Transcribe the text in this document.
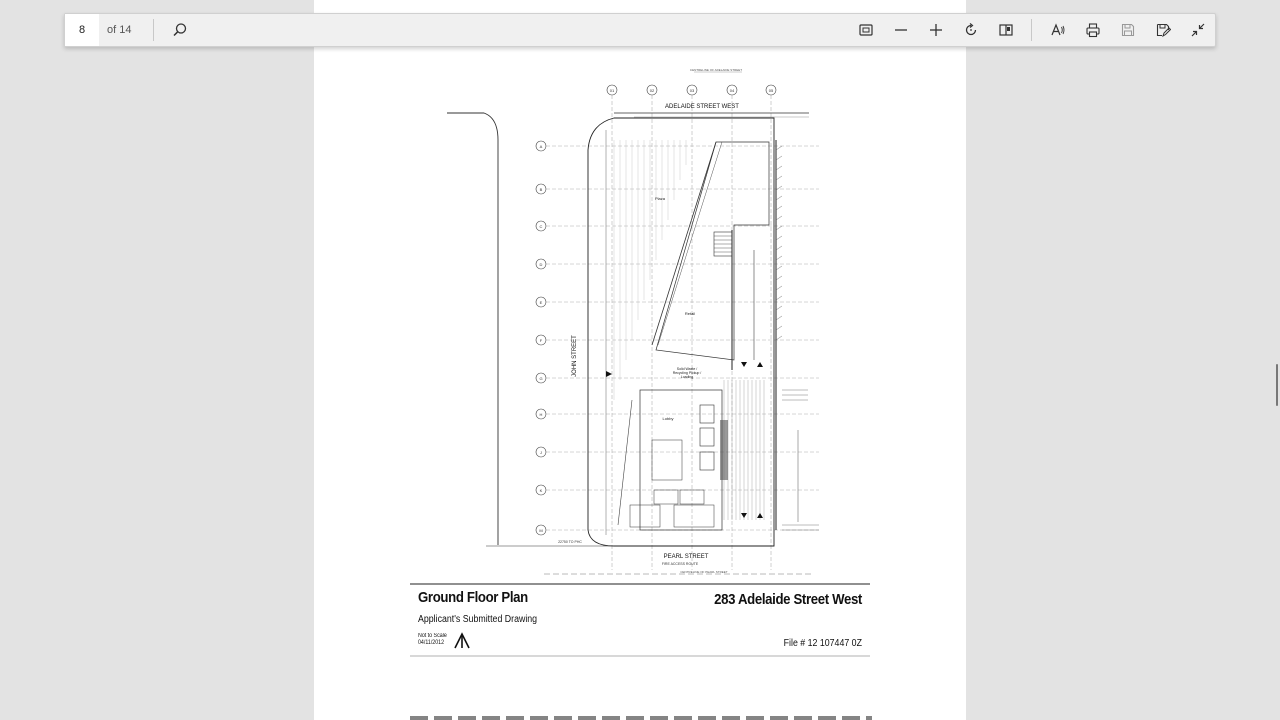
CENTRELINE OF ADELAIDE STREET
01	02	03	04	05
ADELAIDE STREET WEST
A
B
C
D
E
F
G
H
J
K
M
Plaza
Retail
Solid Waste /
Recycling Pickup /
Loading
Lobby
JOHN STREET
22750 TO PHC
PEARL STREET
FIRE ACCESS ROUTE
CENTRELINE OF PEARL STREET
Ground Floor Plan
Applicant's Submitted Drawing
Not to Scale
04/11/2012
283 Adelaide Street West
File # 12 107447 0Z
8
of 14
